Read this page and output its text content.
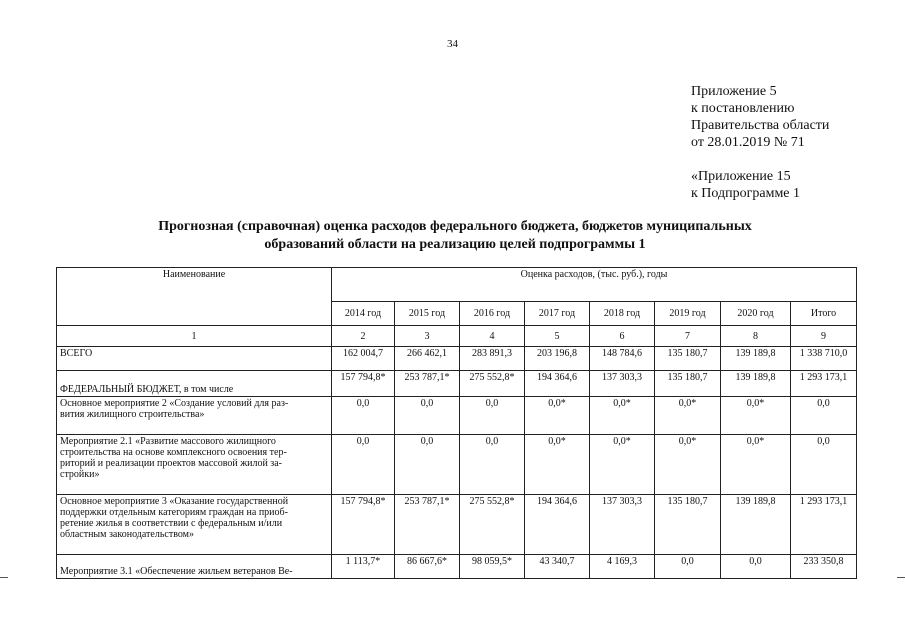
34
Приложение 5
к постановлению
Правительства области
от 28.01.2019 № 71
«Приложение 15
к Подпрограмме 1
Прогнозная (справочная) оценка расходов федерального бюджета, бюджетов муниципальных
образований области на реализацию целей подпрограммы 1
Наименование	Оценка расходов, (тыс. руб.), годы							
	2014 год	2015 год	2016 год	2017 год	2018 год	2019 год	2020 год	Итого
1	2	3	4	5	6	7	8	9

ВСЕГО	162 004,7	266 462,1	283 891,3	203 196,8	148 784,6	135 180,7	139 189,8	1 338 710,0

ФЕДЕРАЛЬНЫЙ БЮДЖЕТ, в том числе	157 794,8*	253 787,1*	275 552,8*	194 364,6	137 303,3	135 180,7	139 189,8	1 293 173,1

Основное мероприятие 2 «Создание условий для раз-
вития жилищного строительства»	0,0	0,0	0,0	0,0*	0,0*	0,0*	0,0*	0,0

Мероприятие 2.1 «Развитие массового жилищного
строительства на основе комплексного освоения тер-
риторий и реализации проектов массовой жилой за-
стройки»	0,0	0,0	0,0	0,0*	0,0*	0,0*	0,0*	0,0

Основное мероприятие 3 «Оказание государственной
поддержки отдельным категориям граждан на приоб-
ретение жилья в соответствии с федеральным и/или
областным законодательством»	157 794,8*	253 787,1*	275 552,8*	194 364,6	137 303,3	135 180,7	139 189,8	1 293 173,1

Мероприятие 3.1 «Обеспечение жильем ветеранов Ве-	1 113,7*	86 667,6*	98 059,5*	43 340,7	4 169,3	0,0	0,0	233 350,8
